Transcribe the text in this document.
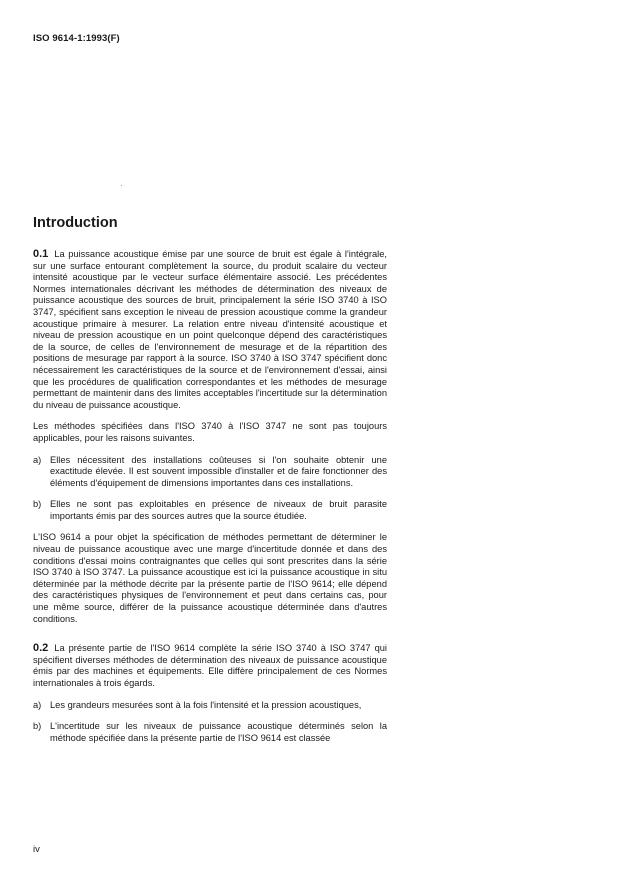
ISO 9614-1:1993(F)
Introduction

0.1 La puissance acoustique émise par une source de bruit est égale à l'intégrale, sur une surface entourant complètement la source, du produit scalaire du vecteur intensité acoustique par le vecteur surface élémentaire associé. Les précédentes Normes internationales décrivant les méthodes de détermination des niveaux de puissance acoustique des sources de bruit, principalement la série ISO 3740 à ISO 3747, spécifient sans exception le niveau de pression acoustique comme la grandeur acoustique primaire à mesurer. La relation entre niveau d'intensité acoustique et niveau de pression acoustique en un point quelconque dépend des caractéristiques de la source, de celles de l'environnement de mesurage et de la répartition des positions de mesurage par rapport à la source. ISO 3740 à ISO 3747 spécifient donc nécessairement les caractéristiques de la source et de l'environnement d'essai, ainsi que les procédures de qualification correspondantes et les méthodes de mesurage permettant de maintenir dans des limites acceptables l'incertitude sur la détermination du niveau de puissance acoustique.

Les méthodes spécifiées dans l'ISO 3740 à l'ISO 3747 ne sont pas toujours applicables, pour les raisons suivantes.

a) Elles nécessitent des installations coûteuses si l'on souhaite obtenir une exactitude élevée. Il est souvent impossible d'installer et de faire fonctionner des éléments d'équipement de dimensions importantes dans ces installations.
b) Elles ne sont pas exploitables en présence de niveaux de bruit parasite importants émis par des sources autres que la source étudiée.

L'ISO 9614 a pour objet la spécification de méthodes permettant de déterminer le niveau de puissance acoustique avec une marge d'incertitude donnée et dans des conditions d'essai moins contraignantes que celles qui sont prescrites dans la série ISO 3740 à ISO 3747. La puissance acoustique est ici la puissance acoustique in situ déterminée par la méthode décrite par la présente partie de l'ISO 9614; elle dépend des caractéristiques physiques de l'environnement et peut dans certains cas, pour une même source, différer de la puissance acoustique déterminée dans d'autres conditions.

0.2 La présente partie de l'ISO 9614 complète la série ISO 3740 à ISO 3747 qui spécifient diverses méthodes de détermination des niveaux de puissance acoustique émis par des machines et équipements. Elle diffère principalement de ces Normes internationales à trois égards.

a) Les grandeurs mesurées sont à la fois l'intensité et la pression acoustiques,
b) L'incertitude sur les niveaux de puissance acoustique déterminés selon la méthode spécifiée dans la présente partie de l'ISO 9614 est classée
iv
